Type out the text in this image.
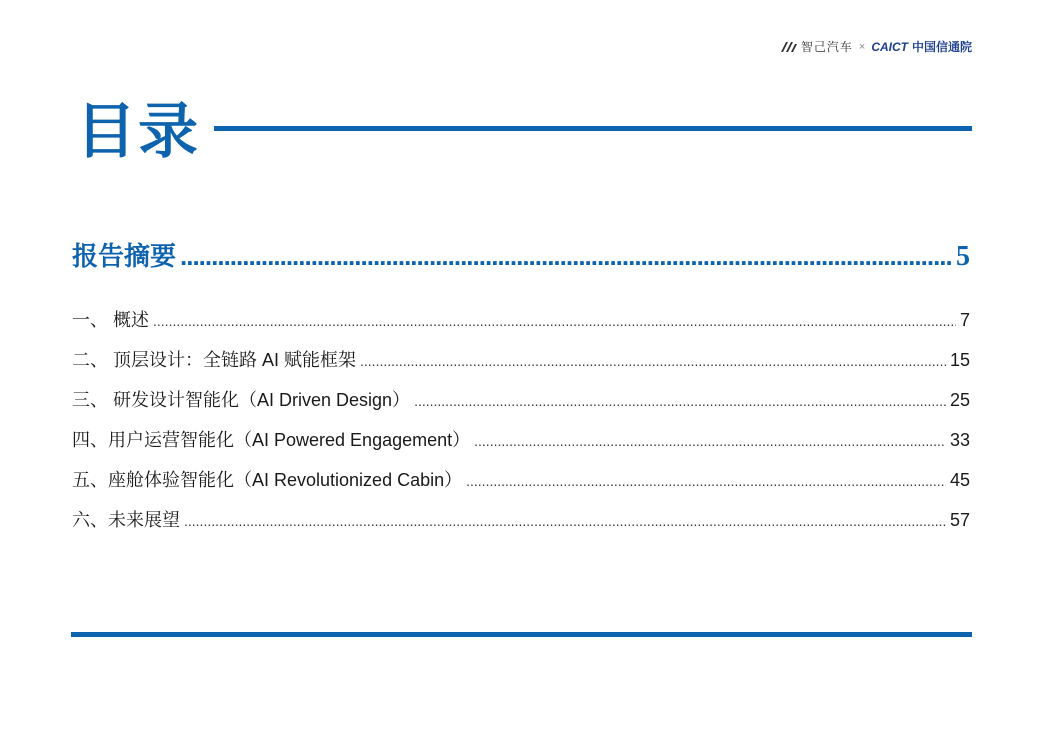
智己汽车 × CAICT 中国信通院
目录
报告摘要 .....	5
一、 概述 .....	7
二、 顶层设计：全链路 AI 赋能框架 .....	15
三、 研发设计智能化（AI Driven Design） .....	25
四、用户运营智能化（AI Powered Engagement） .....	33
五、座舱体验智能化（AI Revolutionized Cabin） .....	45
六、未来展望 .....	57
